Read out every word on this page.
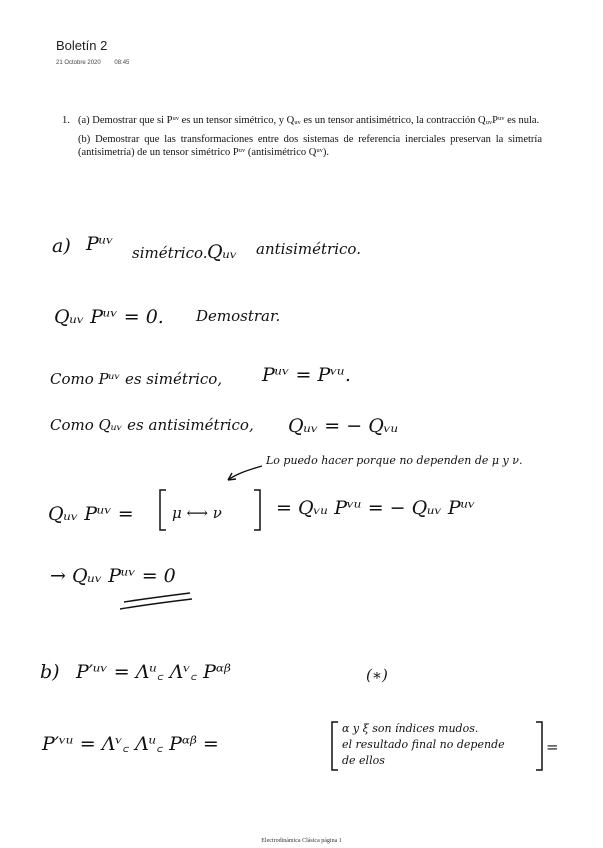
Boletín 2
21 Octobre 2020 08:45
1. (a) Demostrar que si Pᵘᵛ es un tensor simétrico, y Qᵤᵥ es un tensor antisimétrico, la contracción QᵤᵥPᵘᵛ es nula.

(b) Demostrar que las transformaciones entre dos sistemas de referencia inerciales preservan la simetría (antisimetría) de un tensor simétrico Pᵘᵛ (antisimétrico Qᵘᵛ).

a) Pᵘᵛ simétrico. Qᵤᵥ antisimétrico.
Qᵤᵥ Pᵘᵛ = 0. Demostrar.
Como Pᵘᵛ es simétrico, Pᵘᵛ = Pᵛᵘ.
Como Qᵤᵥ es antisimétrico, Qᵤᵥ = − Qᵥᵤ
Lo puedo hacer porque no dependen de μ y ν.
Qᵤᵥ Pᵘᵛ =	μ ⟷ ν	= Qᵥᵤ Pᵛᵘ = − Qᵤᵥ Pᵘᵛ
→ Qᵤᵥ Pᵘᵛ = 0
b) P′ᵘᵛ = Λᵘ꜀ Λᵛ꜀ Pᵅᵝ	(∗)
P′ᵛᵘ = Λᵛ꜀ Λᵘ꜀ Pᵅᵝ =
α y ξ son índices mudos.
el resultado final no depende
de ellos
=
Electrodinámica Clásica página 1
